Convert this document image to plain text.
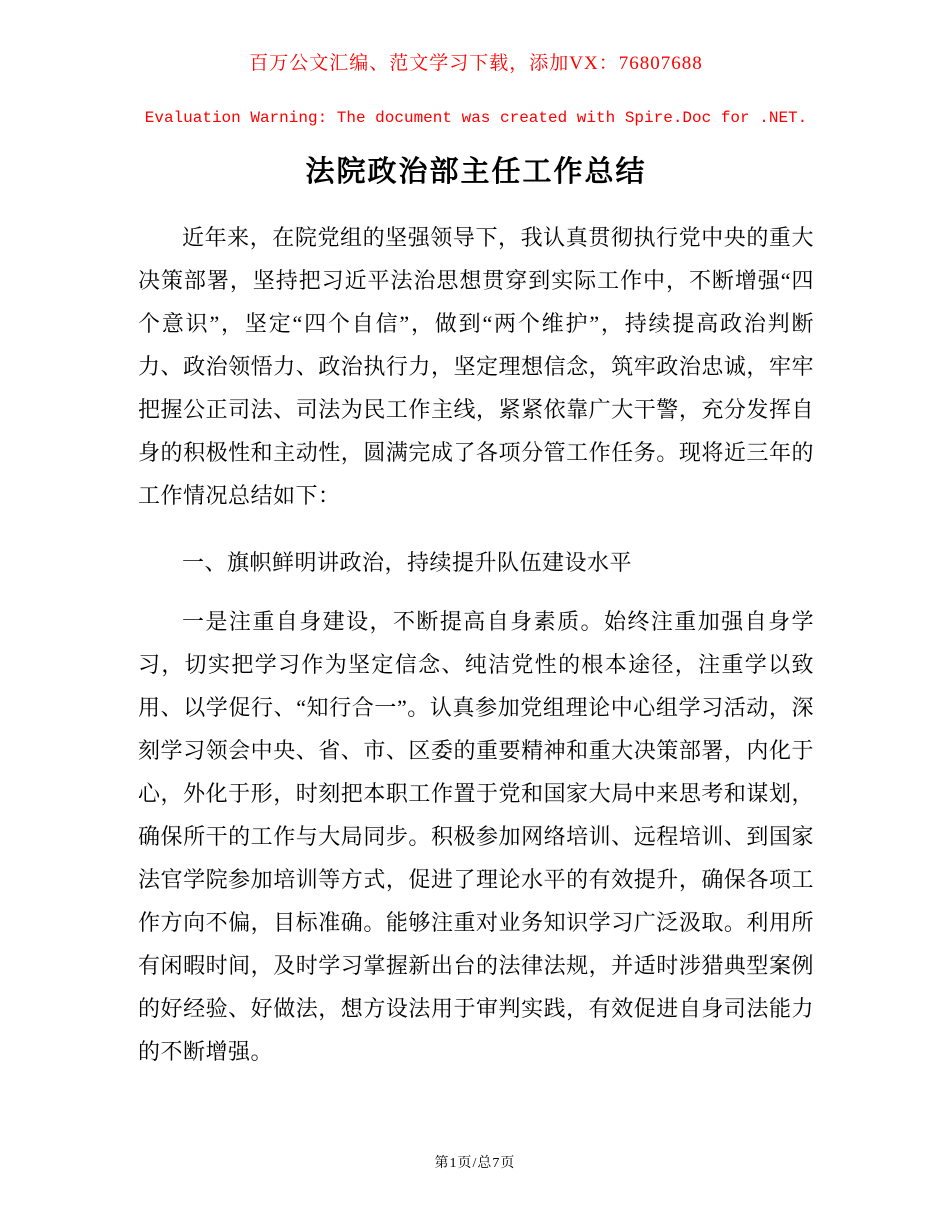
百万公文汇编、范文学习下载，添加VX：76807688
Evaluation Warning: The document was created with Spire.Doc for .NET.
法院政治部主任工作总结

近年来，在院党组的坚强领导下，我认真贯彻执行党中央的重大决策部署，坚持把习近平法治思想贯穿到实际工作中，不断增强“四个意识”，坚定“四个自信”，做到“两个维护”，持续提高政治判断力、政治领悟力、政治执行力，坚定理想信念，筑牢政治忠诚，牢牢把握公正司法、司法为民工作主线，紧紧依靠广大干警，充分发挥自身的积极性和主动性，圆满完成了各项分管工作任务。现将近三年的工作情况总结如下：

一、旗帜鲜明讲政治，持续提升队伍建设水平

一是注重自身建设，不断提高自身素质。始终注重加强自身学习，切实把学习作为坚定信念、纯洁党性的根本途径，注重学以致用、以学促行、“知行合一”。认真参加党组理论中心组学习活动，深刻学习领会中央、省、市、区委的重要精神和重大决策部署，内化于心，外化于形，时刻把本职工作置于党和国家大局中来思考和谋划，确保所干的工作与大局同步。积极参加网络培训、远程培训、到国家法官学院参加培训等方式，促进了理论水平的有效提升，确保各项工作方向不偏，目标准确。能够注重对业务知识学习广泛汲取。利用所有闲暇时间，及时学习掌握新出台的法律法规，并适时涉猎典型案例的好经验、好做法，想方设法用于审判实践，有效促进自身司法能力的不断增强。

第1页/总7页
